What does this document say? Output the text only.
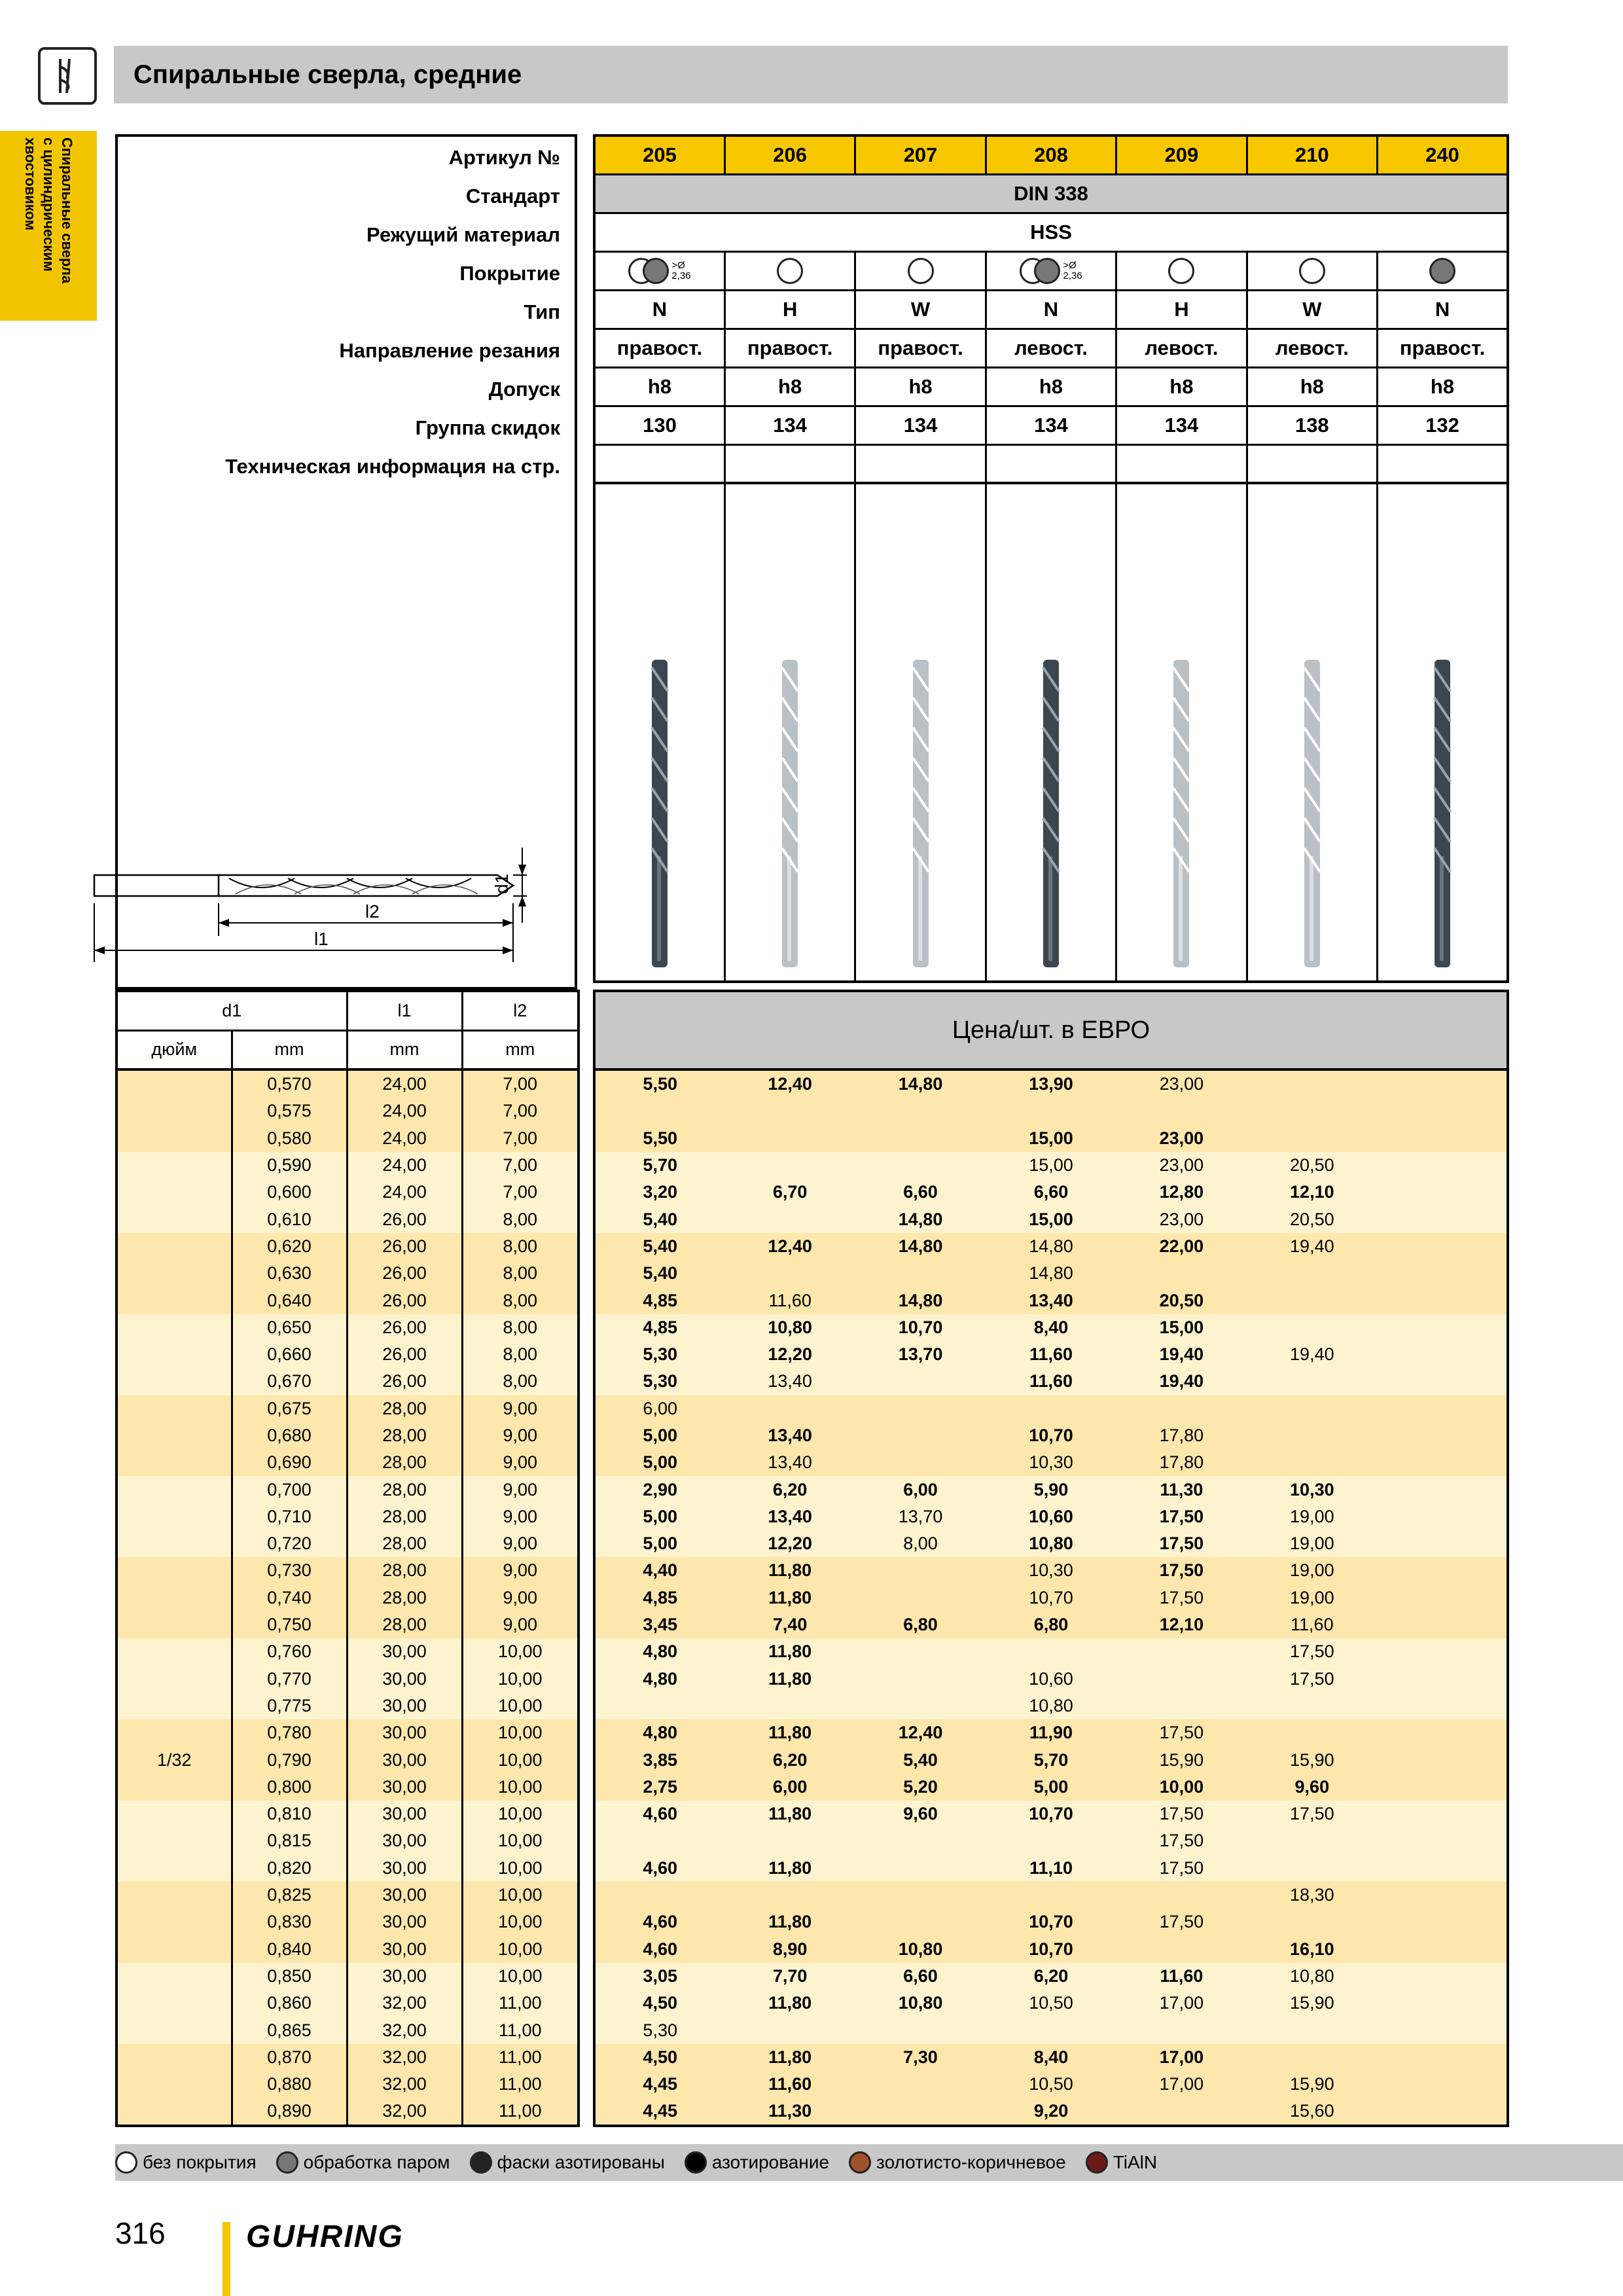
Спиральные сверла, средние
Спиральные сверла
с цилиндрическим
хвостовиком	Артикул №
Стандарт
Режущий материал
Покрытие
Тип
Направление резания
Допуск
Группа скидок
Техническая информация на стр.
l2
l1
d1
205	206	207	208	209	210	240
DIN 338						
HSS						

>Ø
2,36			>Ø
2,36			

N	H	W	N	H	W	N
правост.	правост.	правост.	левост.	левост.	левост.	правост.
h8	h8	h8	h8	h8	h8	h8
130	134	134	134	134	138	132

d1		l1	l2
дюйм	mm	mm	mm
Цена/шт. в ЕВРО
	0,570	24,00	7,00
	0,575	24,00	7,00
	0,580	24,00	7,00
	0,590	24,00	7,00
	0,600	24,00	7,00
	0,610	26,00	8,00
	0,620	26,00	8,00
	0,630	26,00	8,00
	0,640	26,00	8,00
	0,650	26,00	8,00
	0,660	26,00	8,00
	0,670	26,00	8,00
	0,675	28,00	9,00
	0,680	28,00	9,00
	0,690	28,00	9,00
	0,700	28,00	9,00
	0,710	28,00	9,00
	0,720	28,00	9,00
	0,730	28,00	9,00
	0,740	28,00	9,00
	0,750	28,00	9,00
	0,760	30,00	10,00
	0,770	30,00	10,00
	0,775	30,00	10,00
	0,780	30,00	10,00
1/32	0,790	30,00	10,00
	0,800	30,00	10,00
	0,810	30,00	10,00
	0,815	30,00	10,00
	0,820	30,00	10,00
	0,825	30,00	10,00
	0,830	30,00	10,00
	0,840	30,00	10,00
	0,850	30,00	10,00
	0,860	32,00	11,00
	0,865	32,00	11,00
	0,870	32,00	11,00
	0,880	32,00	11,00
	0,890	32,00	11,00
5,50	12,40	14,80	13,90	23,00		

5,50			15,00	23,00		
5,70			15,00	23,00	20,50	
3,20	6,70	6,60	6,60	12,80	12,10	
5,40		14,80	15,00	23,00	20,50	
5,40	12,40	14,80	14,80	22,00	19,40	
5,40			14,80			
4,85	11,60	14,80	13,40	20,50		
4,85	10,80	10,70	8,40	15,00		
5,30	12,20	13,70	11,60	19,40	19,40	
5,30	13,40		11,60	19,40		
6,00						
5,00	13,40		10,70	17,80		
5,00	13,40		10,30	17,80		
2,90	6,20	6,00	5,90	11,30	10,30	
5,00	13,40	13,70	10,60	17,50	19,00	
5,00	12,20	8,00	10,80	17,50	19,00	
4,40	11,80		10,30	17,50	19,00	
4,85	11,80		10,70	17,50	19,00	
3,45	7,40	6,80	6,80	12,10	11,60	
4,80	11,80				17,50	
4,80	11,80		10,60		17,50	
			10,80			
4,80	11,80	12,40	11,90	17,50		
3,85	6,20	5,40	5,70	15,90	15,90	
2,75	6,00	5,20	5,00	10,00	9,60	
4,60	11,80	9,60	10,70	17,50	17,50	
				17,50		
4,60	11,80		11,10	17,50		
					18,30	
4,60	11,80		10,70	17,50		
4,60	8,90	10,80	10,70		16,10	
3,05	7,70	6,60	6,20	11,60	10,80	
4,50	11,80	10,80	10,50	17,00	15,90	
5,30						
4,50	11,80	7,30	8,40	17,00		
4,45	11,60		10,50	17,00	15,90	
4,45	11,30		9,20		15,60	
без покрытия	обработка паром	фаски азотированы	азотирование	золотисто-коричневое	TiAlN
316	GUHRING
